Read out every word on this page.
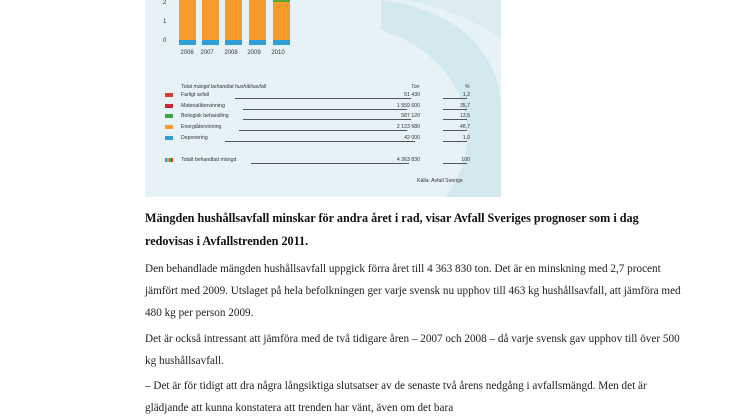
2
1
0
2006	2007	2008	2009	2010
Total mängd behandlat hushållsavfall	Ton	%
Farligt avfall	51 430	1,2
Materialåtervinning	1 559 600	35,7
Biologisk behandling	587 120	13,5
Energiåtervinning	2 123 680	48,7
Deponering	42 000	1,0
Totalt behandlad mängd	4 363 830	100
Källa: Avfall Sverige
Mängden hushållsavfall minskar för andra året i rad, visar Avfall Sveriges prognoser som i dag redovisas i Avfallstrenden 2011.
Den behandlade mängden hushållsavfall uppgick förra året till 4 363 830 ton. Det är en minskning med 2,7 procent jämfört med 2009. Utslaget på hela befolkningen ger varje svensk nu upphov till 463 kg hushållsavfall, att jämföra med 480 kg per person 2009.
Det är också intressant att jämföra med de två tidigare åren – 2007 och 2008 – då varje svensk gav upphov till över 500 kg hushållsavfall.
– Det är för tidigt att dra några långsiktiga slutsatser av de senaste två årens nedgång i avfallsmängd. Men det är glädjande att kunna konstatera att trenden har vänt, även om det bara
